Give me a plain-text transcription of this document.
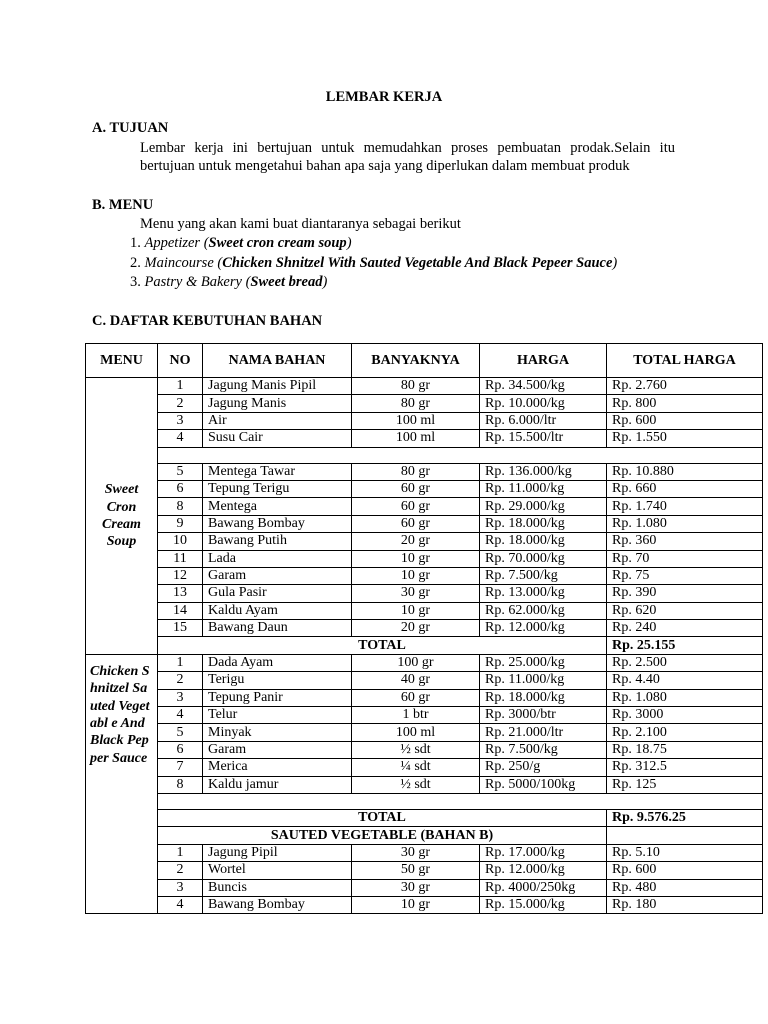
LEMBAR KERJA
A. TUJUAN
Lembar kerja ini bertujuan untuk memudahkan proses pembuatan prodak.Selain itu
bertujuan untuk mengetahui bahan apa saja yang diperlukan dalam membuat produk
B. MENU
Menu yang akan kami buat diantaranya sebagai berikut
1. Appetizer (Sweet cron cream soup)
2. Maincourse (Chicken Shnitzel With Sauted Vegetable And Black Pepeer Sauce)
3. Pastry & Bakery (Sweet bread)
C. DAFTAR KEBUTUHAN BAHAN
MENU	NO	NAMA BAHAN	BANYAKNYA	HARGA	TOTAL HARGA
Sweet Cron Cream Soup	1	Jagung Manis Pipil	80 gr	Rp. 34.500/kg	Rp. 2.760
	2	Jagung Manis	80 gr	Rp. 10.000/kg	Rp. 800
	3	Air	100 ml	Rp. 6.000/ltr	Rp. 600
	4	Susu Cair	100 ml	Rp. 15.500/ltr	Rp. 1.550

	5	Mentega Tawar	80 gr	Rp. 136.000/kg	Rp. 10.880
	6	Tepung Terigu	60 gr	Rp. 11.000/kg	Rp. 660
	8	Mentega	60 gr	Rp. 29.000/kg	Rp. 1.740
	9	Bawang Bombay	60 gr	Rp. 18.000/kg	Rp. 1.080
	10	Bawang Putih	20 gr	Rp. 18.000/kg	Rp. 360
	11	Lada	10 gr	Rp. 70.000/kg	Rp. 70
	12	Garam	10 gr	Rp. 7.500/kg	Rp. 75
	13	Gula Pasir	30 gr	Rp. 13.000/kg	Rp. 390
	14	Kaldu Ayam	10 gr	Rp. 62.000/kg	Rp. 620
	15	Bawang Daun	20 gr	Rp. 12.000/kg	Rp. 240
	TOTAL				Rp. 25.155

Chicken Shnitzel Sauted Vegetabl e And Black Pepper Sauce	1	Dada Ayam	100 gr	Rp. 25.000/kg	Rp. 2.500
	2	Terigu	40 gr	Rp. 11.000/kg	Rp. 4.40
	3	Tepung Panir	60 gr	Rp. 18.000/kg	Rp. 1.080
	4	Telur	1 btr	Rp. 3000/btr	Rp. 3000
	5	Minyak	100 ml	Rp. 21.000/ltr	Rp. 2.100
	6	Garam	½ sdt	Rp. 7.500/kg	Rp. 18.75
	7	Merica	¼ sdt	Rp. 250/g	Rp. 312.5
	8	Kaldu jamur	½ sdt	Rp. 5000/100kg	Rp. 125

	TOTAL				Rp. 9.576.25
	SAUTED VEGETABLE (BAHAN B)				
	1	Jagung Pipil	30 gr	Rp. 17.000/kg	Rp. 5.10
	2	Wortel	50 gr	Rp. 12.000/kg	Rp. 600
	3	Buncis	30 gr	Rp. 4000/250kg	Rp. 480
	4	Bawang Bombay	10 gr	Rp. 15.000/kg	Rp. 180
